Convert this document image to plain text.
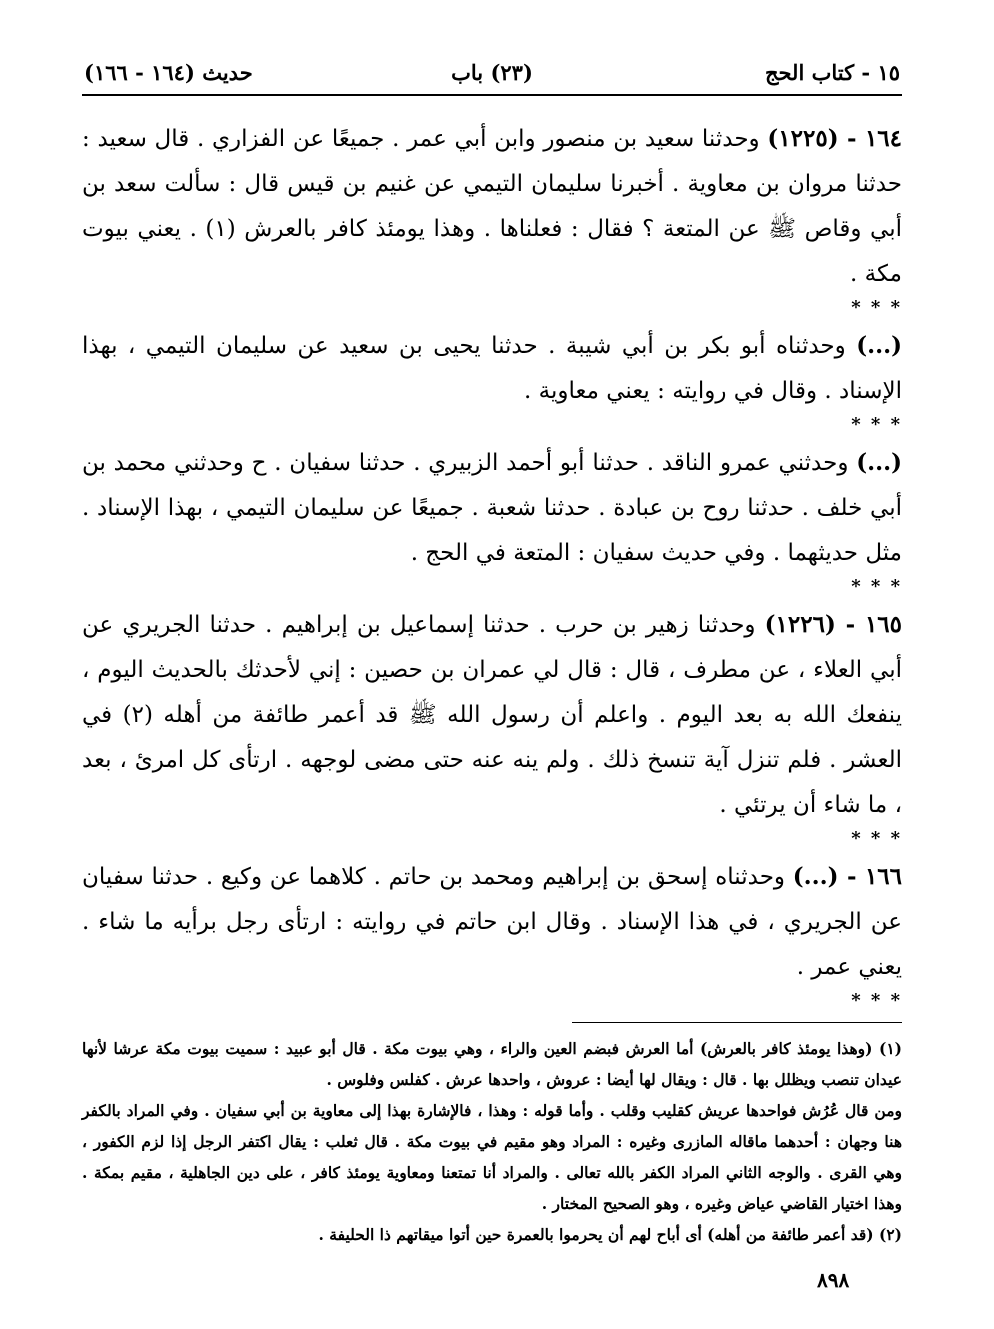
١٥ - كتاب الحج
(٢٣) باب
حديث (١٦٤ - ١٦٦)

١٦٤ - (١٢٢٥) وحدثنا سعيد بن منصور وابن أبي عمر . جميعًا عن الفزاري . قال سعيد : حدثنا مروان بن معاوية . أخبرنا سليمان التيمي عن غنيم بن قيس قال : سألت سعد بن أبي وقاص ﷺ عن المتعة ؟ فقال : فعلناها . وهذا يومئذ كافر بالعرش (١) . يعني بيوت مكة .

* * *

(...) وحدثناه أبو بكر بن أبي شيبة . حدثنا يحيى بن سعيد عن سليمان التيمي ، بهذا الإسناد . وقال في روايته : يعني معاوية .

* * *

(...) وحدثني عمرو الناقد . حدثنا أبو أحمد الزبيري . حدثنا سفيان . ح وحدثني محمد بن أبي خلف . حدثنا روح بن عبادة . حدثنا شعبة . جميعًا عن سليمان التيمي ، بهذا الإسناد . مثل حديثهما . وفي حديث سفيان : المتعة في الحج .

* * *

١٦٥ - (١٢٢٦) وحدثنا زهير بن حرب . حدثنا إسماعيل بن إبراهيم . حدثنا الجريري عن أبي العلاء ، عن مطرف ، قال : قال لي عمران بن حصين : إني لأحدثك بالحديث اليوم ، ينفعك الله به بعد اليوم . واعلم أن رسول الله ﷺ قد أعمر طائفة من أهله (٢) في العشر . فلم تنزل آية تنسخ ذلك . ولم ينه عنه حتى مضى لوجهه . ارتأى كل امرئ ، بعد ، ما شاء أن يرتئي .

* * *

١٦٦ - (...) وحدثناه إسحق بن إبراهيم ومحمد بن حاتم . كلاهما عن وكيع . حدثنا سفيان عن الجريري ، في هذا الإسناد . وقال ابن حاتم في روايته : ارتأى رجل برأيه ما شاء . يعني عمر .

* * *

(١) (وهذا يومئذ كافر بالعرش) أما العرش فبضم العين والراء ، وهي بيوت مكة . قال أبو عبيد : سميت بيوت مكة عرشا لأنها عيدان تنصب ويظلل بها . قال : ويقال لها أيضا : عروش ، واحدها عرش . كفلس وفلوس .

ومن قال عُرُش فواحدها عريش كقليب وقلب . وأما قوله : وهذا ، فالإشارة بهذا إلى معاوية بن أبي سفيان . وفي المراد بالكفر هنا وجهان : أحدهما ماقاله المازرى وغيره : المراد وهو مقيم في بيوت مكة . قال ثعلب : يقال اكتفر الرجل إذا لزم الكفور ، وهي القرى . والوجه الثاني المراد الكفر بالله تعالى . والمراد أنا تمتعنا ومعاوية يومئذ كافر ، على دين الجاهلية ، مقيم بمكة . وهذا اختيار القاضي عياض وغيره ، وهو الصحيح المختار .

(٢) (قد أعمر طائفة من أهله) أى أباح لهم أن يحرموا بالعمرة حين أتوا ميقاتهم ذا الحليفة .

٨٩٨
